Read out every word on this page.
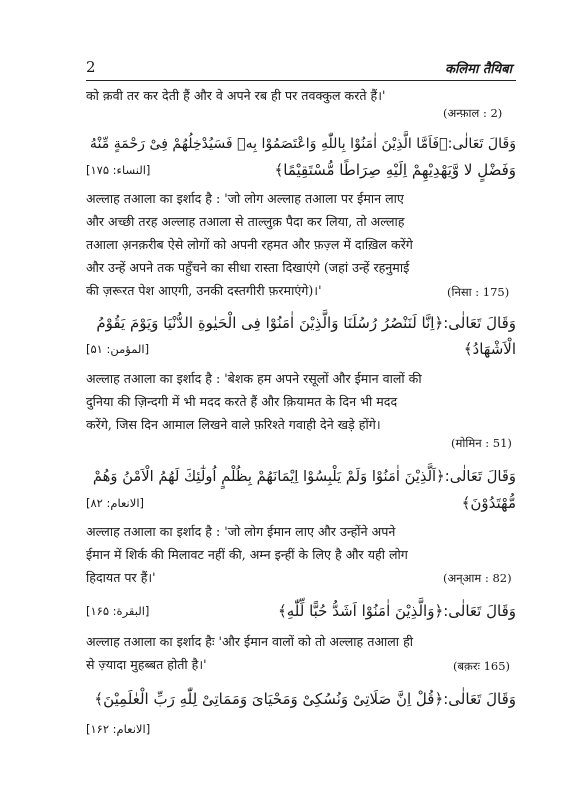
2	कलिमा तैयिबा
को क़वी तर कर देती हैं और वे अपने रब ही पर तवक्कुल करते हैं।'
(अन्फ़ाल : 2)
وَقَالَ تَعَالٰی:﴿فَاَمَّا الَّذِیْنَ اٰمَنُوْا بِاللّٰهِ وَاعْتَصَمُوْا بِهٖ فَسَیُدْخِلُهُمْ فِیْ رَحْمَةٍ مِّنْهُ
وَفَضْلٍ لا وَّیَهْدِیْهِمْ اِلَیْهِ صِرَاطًا مُّسْتَقِیْمًا﴾
[النساء: ۱۷۵]
अल्लाह तआला का इर्शाद है : 'जो लोग अल्लाह तआला पर ईमान लाए
और अच्छी तरह अल्लाह तआला से ताल्लुक़ पैदा कर लिया, तो अल्लाह
तआला अ़नक़रीब ऐसे लोगों को अपनी रहमत और फ़ज़्ल में दाख़िल करेंगे
और उन्हें अपने तक पहुँचने का सीधा रास्ता दिखाएंगे (जहां उन्हें रहनुमाई
की ज़रूरत पेश आएगी, उनकी दस्तगीरी फ़रमाएंगे)।'	(निसा : 175)
وَقَالَ تَعَالٰی:﴿اِنَّا لَنَنْصُرُ رُسُلَنَا وَالَّذِیْنَ اٰمَنُوْا فِی الْحَیٰوةِ الدُّنْیَا وَیَوْمَ یَقُوْمُ
الْاَشْهَادُ﴾
[المؤمن: ۵۱]
अल्लाह तआला का इर्शाद है : 'बेशक हम अपने रसूलों और ईमान वालों की
दुनिया की ज़िन्दगी में भी मदद करते हैं और क़ियामत के दिन भी मदद
करेंगे, जिस दिन आमाल लिखने वाले फ़रिश्ते गवाही देने खड़े होंगे।
(मोमिन : 51)
وَقَالَ تَعَالٰی:﴿اَلَّذِیْنَ اٰمَنُوْا وَلَمْ یَلْبِسُوْا اِیْمَانَهُمْ بِظُلْمٍ اُولٰٓئِكَ لَهُمُ الْاَمْنُ وَهُمْ
مُّهْتَدُوْنَ﴾
[الانعام: ۸۲]
अल्लाह तआला का इर्शाद है : 'जो लोग ईमान लाए और उन्होंने अपने
ईमान में शिर्क की मिलावट नहीं की, अम्न इन्हीं के लिए है और यही लोग
हिदायत पर हैं।'	(अन्आम : 82)
وَقَالَ تَعَالٰی:﴿وَالَّذِیْنَ اٰمَنُوْا اَشَدُّ حُبًّا لِّلّٰهِ﴾
[البقرة: ۱۶۵]
अल्लाह तआला का इर्शाद हैः 'और ईमान वालों को तो अल्लाह तआला ही
से ज़्यादा मुहब्बत होती है।'	(बक़रः 165)
وَقَالَ تَعَالٰی:﴿قُلْ اِنَّ صَلَاتِیْ وَنُسُكِیْ وَمَحْیَایَ وَمَمَاتِیْ لِلّٰهِ رَبِّ الْعٰلَمِیْنَ﴾
[الانعام: ۱۶۲]
